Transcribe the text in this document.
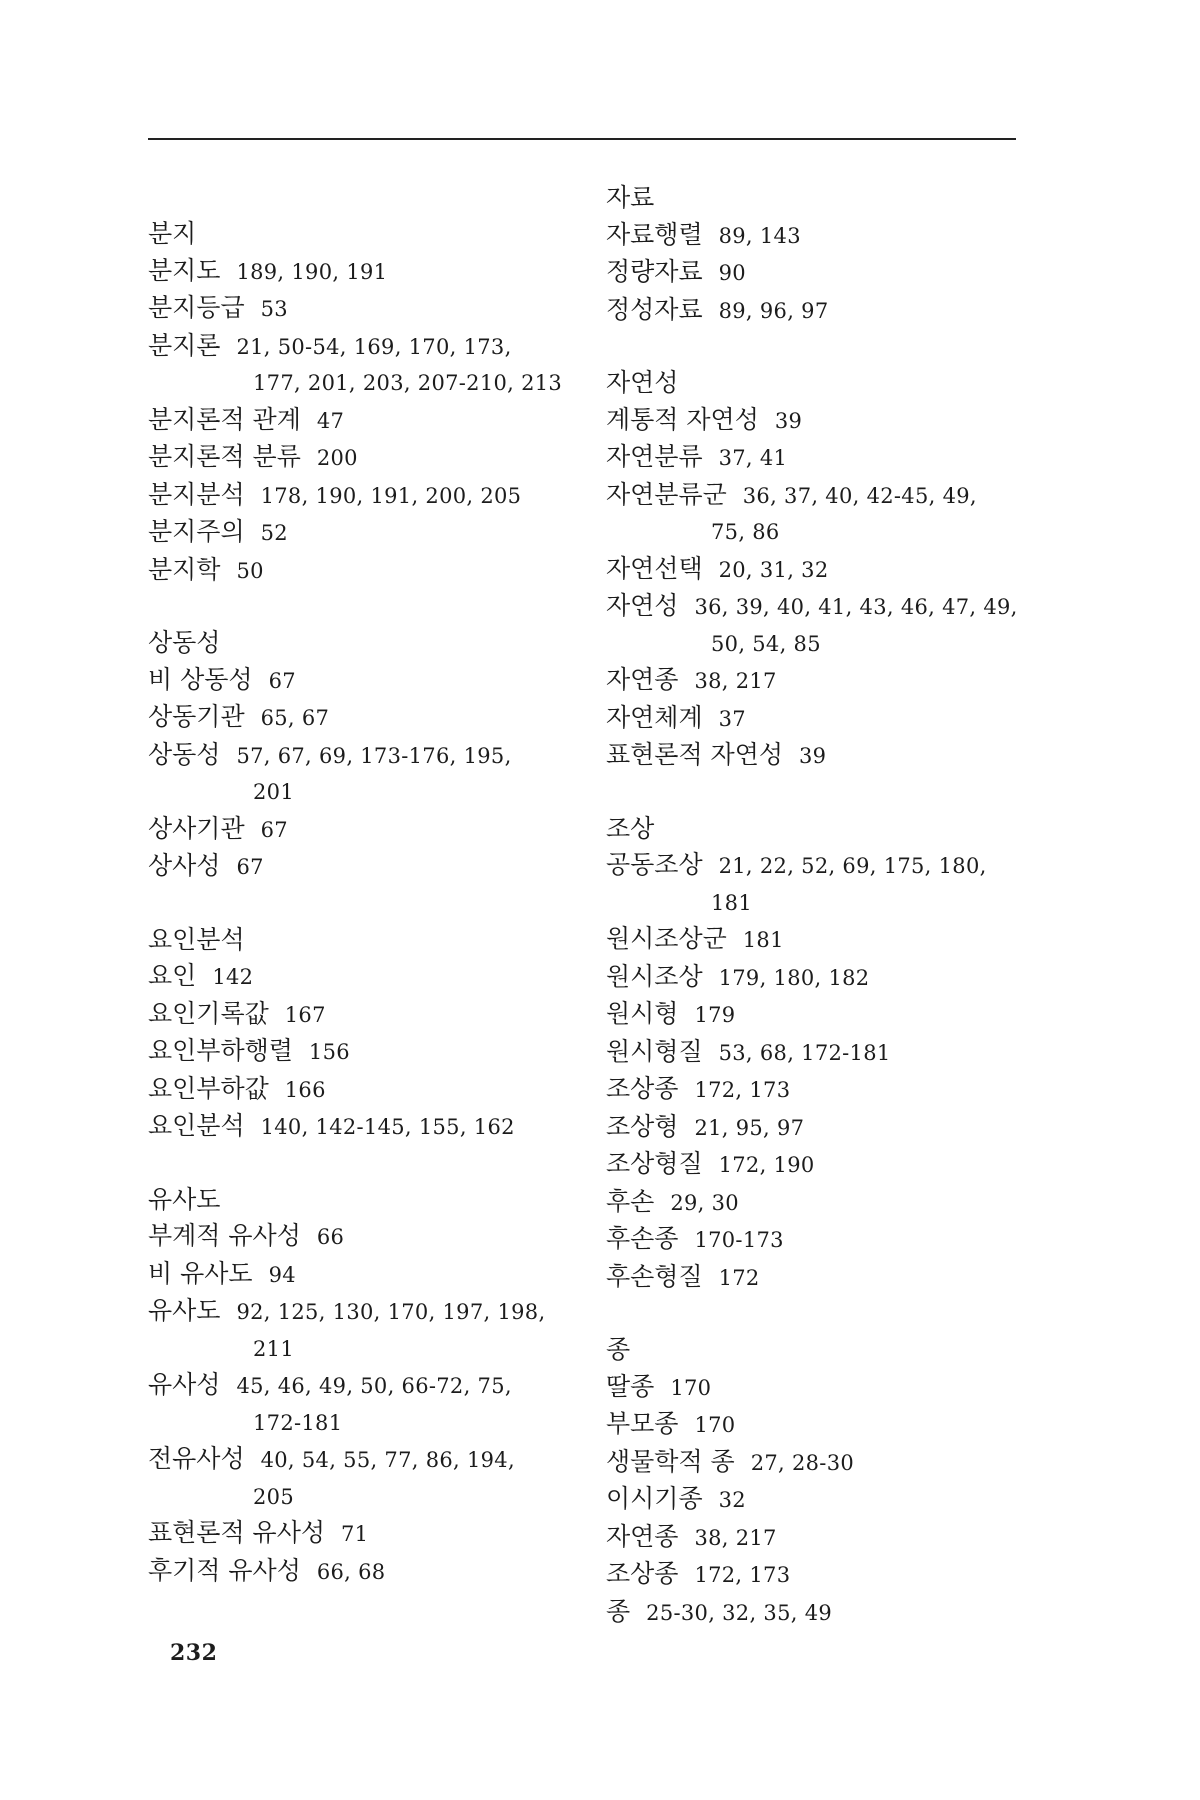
분지
분지도 189, 190, 191
분지등급 53
분지론 21, 50-54, 169, 170, 173,
177, 201, 203, 207-210, 213
분지론적 관계 47
분지론적 분류 200
분지분석 178, 190, 191, 200, 205
분지주의 52
분지학 50
상동성
비 상동성 67
상동기관 65, 67
상동성 57, 67, 69, 173-176, 195,
201
상사기관 67
상사성 67
요인분석
요인 142
요인기록값 167
요인부하행렬 156
요인부하값 166
요인분석 140, 142-145, 155, 162
유사도
부계적 유사성 66
비 유사도 94
유사도 92, 125, 130, 170, 197, 198,
211
유사성 45, 46, 49, 50, 66-72, 75,
172-181
전유사성 40, 54, 55, 77, 86, 194,
205
표현론적 유사성 71
후기적 유사성 66, 68
자료
자료행렬 89, 143
정량자료 90
정성자료 89, 96, 97
자연성
계통적 자연성 39
자연분류 37, 41
자연분류군 36, 37, 40, 42-45, 49,
75, 86
자연선택 20, 31, 32
자연성 36, 39, 40, 41, 43, 46, 47, 49,
50, 54, 85
자연종 38, 217
자연체계 37
표현론적 자연성 39
조상
공동조상 21, 22, 52, 69, 175, 180,
181
원시조상군 181
원시조상 179, 180, 182
원시형 179
원시형질 53, 68, 172-181
조상종 172, 173
조상형 21, 95, 97
조상형질 172, 190
후손 29, 30
후손종 170-173
후손형질 172
종
딸종 170
부모종 170
생물학적 종 27, 28-30
이시기종 32
자연종 38, 217
조상종 172, 173
종 25-30, 32, 35, 49
232
